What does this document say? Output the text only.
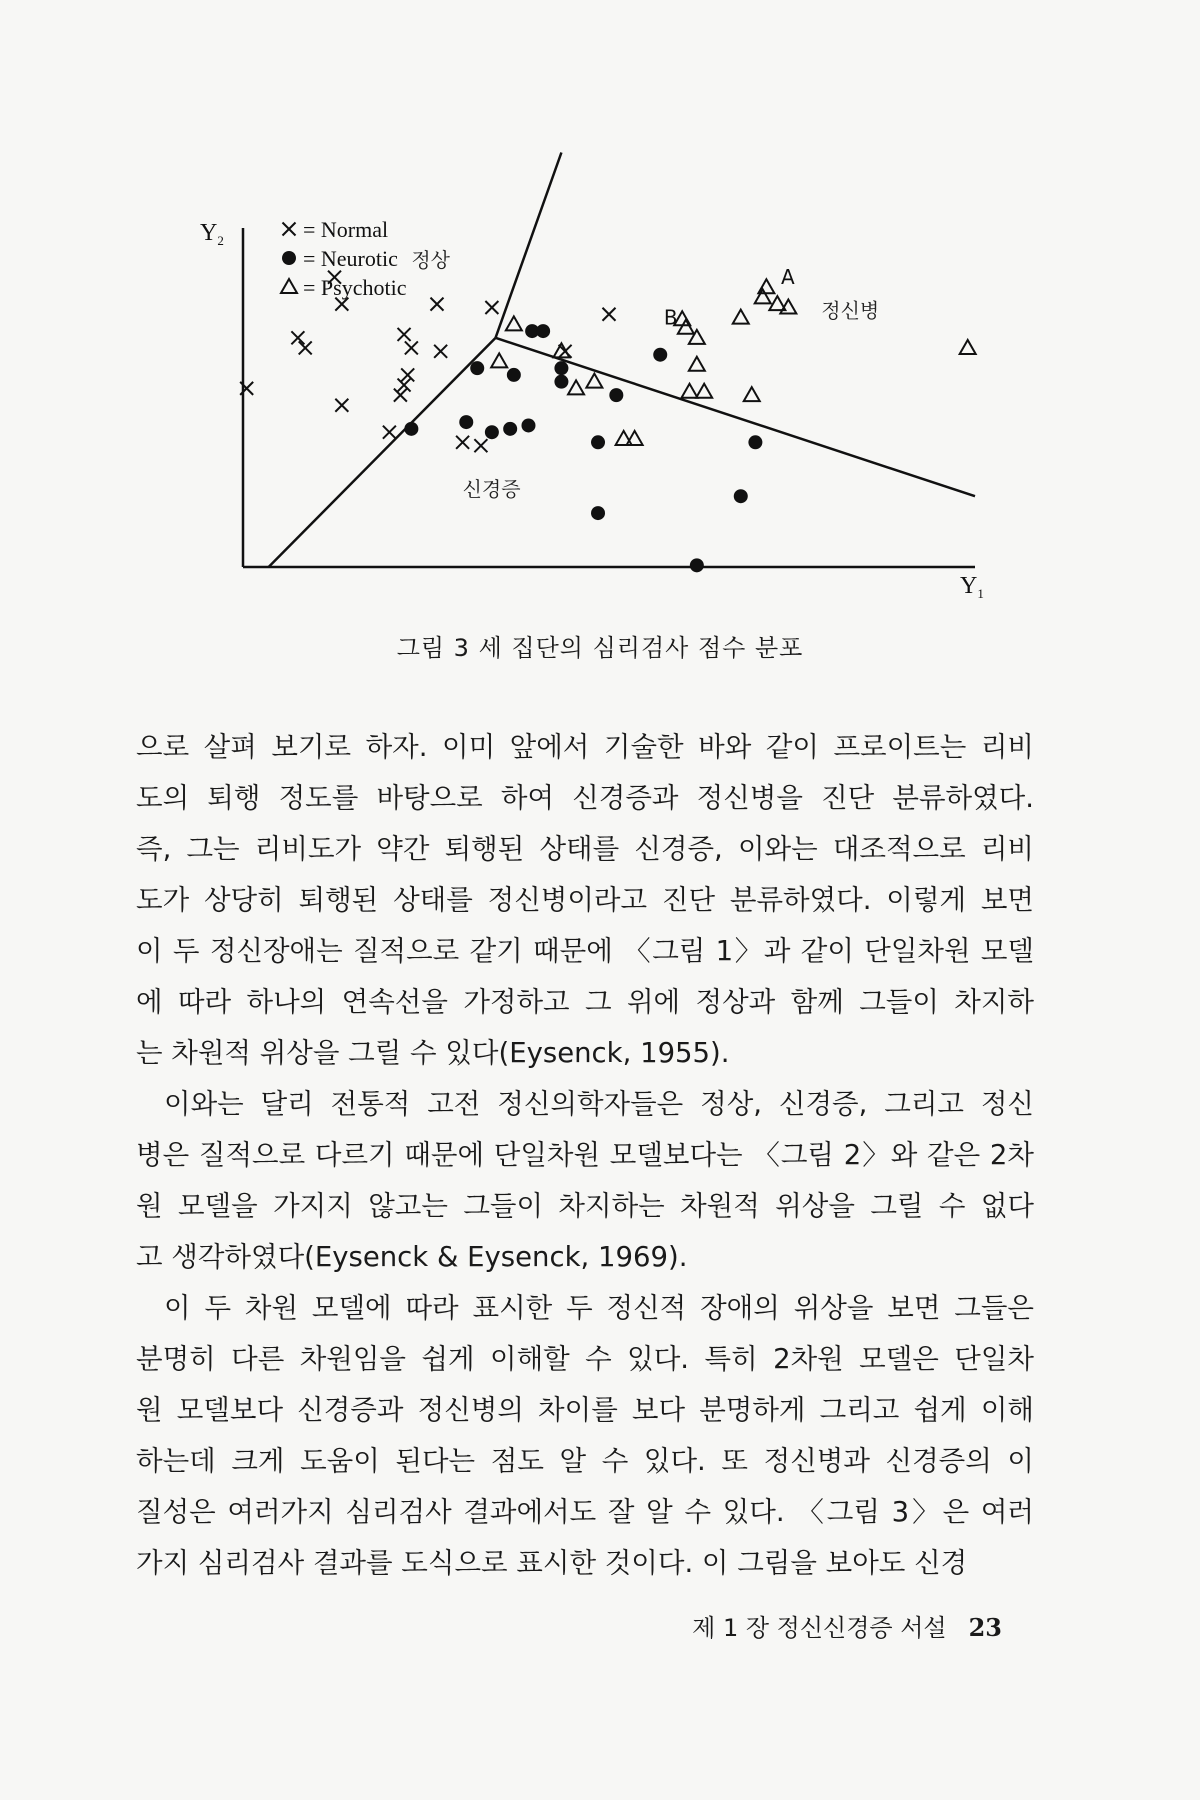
$Y_2$
$Y_1$
= Normal
= Neurotic
= Psychotic
정상
정신병
신경증
A
B
그림 3 세 집단의 심리검사 점수 분포

으로 살펴 보기로 하자. 이미 앞에서 기술한 바와 같이 프로이트는 리비
도의 퇴행 정도를 바탕으로 하여 신경증과 정신병을 진단 분류하였다.
즉, 그는 리비도가 약간 퇴행된 상태를 신경증, 이와는 대조적으로 리비
도가 상당히 퇴행된 상태를 정신병이라고 진단 분류하였다. 이렇게 보면
이 두 정신장애는 질적으로 같기 때문에 〈그림 1〉과 같이 단일차원 모델
에 따라 하나의 연속선을 가정하고 그 위에 정상과 함께 그들이 차지하
는 차원적 위상을 그릴 수 있다(Eysenck, 1955).

이와는 달리 전통적 고전 정신의학자들은 정상, 신경증, 그리고 정신
병은 질적으로 다르기 때문에 단일차원 모델보다는 〈그림 2〉와 같은 2차
원 모델을 가지지 않고는 그들이 차지하는 차원적 위상을 그릴 수 없다
고 생각하였다(Eysenck & Eysenck, 1969).

이 두 차원 모델에 따라 표시한 두 정신적 장애의 위상을 보면 그들은
분명히 다른 차원임을 쉽게 이해할 수 있다. 특히 2차원 모델은 단일차
원 모델보다 신경증과 정신병의 차이를 보다 분명하게 그리고 쉽게 이해
하는데 크게 도움이 된다는 점도 알 수 있다. 또 정신병과 신경증의 이
질성은 여러가지 심리검사 결과에서도 잘 알 수 있다. 〈그림 3〉은 여러
가지 심리검사 결과를 도식으로 표시한 것이다. 이 그림을 보아도 신경

제 1 장 정신신경증 서설 23
